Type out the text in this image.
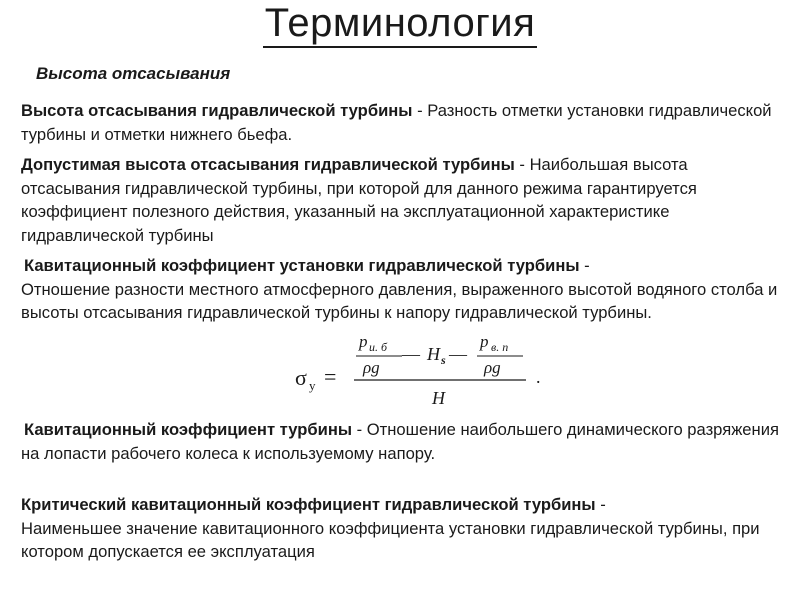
Терминология
Высота отсасывания
Высота отсасывания гидравлической турбины - Разность отметки установки гидравлической турбины и отметки нижнего бьефа.
Допустимая высота отсасывания гидравлической турбины - Наибольшая высота отсасывания гидравлической турбины, при которой для данного режима гарантируется коэффициент полезного действия, указанный на эксплуатационной характеристике гидравлической турбины
Кавитационный коэффициент установки гидравлической турбины -
Отношение разности местного атмосферного давления, выраженного высотой водяного столба и высоты отсасывания гидравлической турбины к напору гидравлической турбины.
σ у =
p и. б
ρg
— H s —
p в. п
ρg
H
.
Кавитационный коэффициент турбины - Отношение наибольшего динамического разряжения на лопасти рабочего колеса к используемому напору.
Критический кавитационный коэффициент гидравлической турбины -
Наименьшее значение кавитационного коэффициента установки гидравлической турбины, при котором допускается ее эксплуатация
